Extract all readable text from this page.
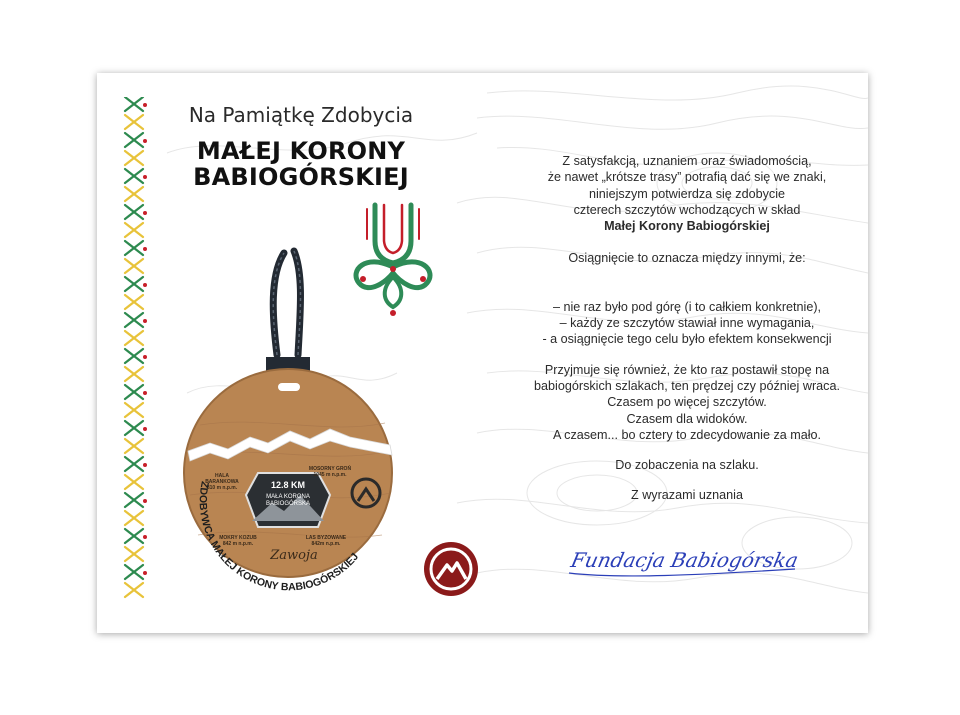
Na Pamiątkę Zdobycia
MAŁEJ KORONY
BABIOGÓRSKIEJ
12.8 KM
MAŁA KORONA
BABIOGÓRSKA
HALA
BARANKOWA
810 m n.p.m.
MOSORNY GROŃ
1045 m n.p.m.
MOKRY KOZUB
842 m n.p.m.
LAS BYZOWANE
842m n.p.m.
Zawoja
ZDOBYWCA MAŁEJ KORONY BABIOGÓRSKIEJ

Z satysfakcją, uznaniem oraz świadomością,

że nawet „krótsze trasy” potrafią dać się we znaki,

niniejszym potwierdza się zdobycie

czterech szczytów wchodzących w skład

Małej Korony Babiogórskiej

Osiągnięcie to oznacza między innymi, że:

– nie raz było pod górę (i to całkiem konkretnie),

– każdy ze szczytów stawiał inne wymagania,

- a osiągnięcie tego celu było efektem konsekwencji

Przyjmuje się również, że kto raz postawił stopę na

babiogórskich szlakach, ten prędzej czy później wraca.

Czasem po więcej szczytów.

Czasem dla widoków.

A czasem... bo cztery to zdecydowanie za mało.

Do zobaczenia na szlaku.

Z wyrazami uznania

Fundacja Babiogórska
